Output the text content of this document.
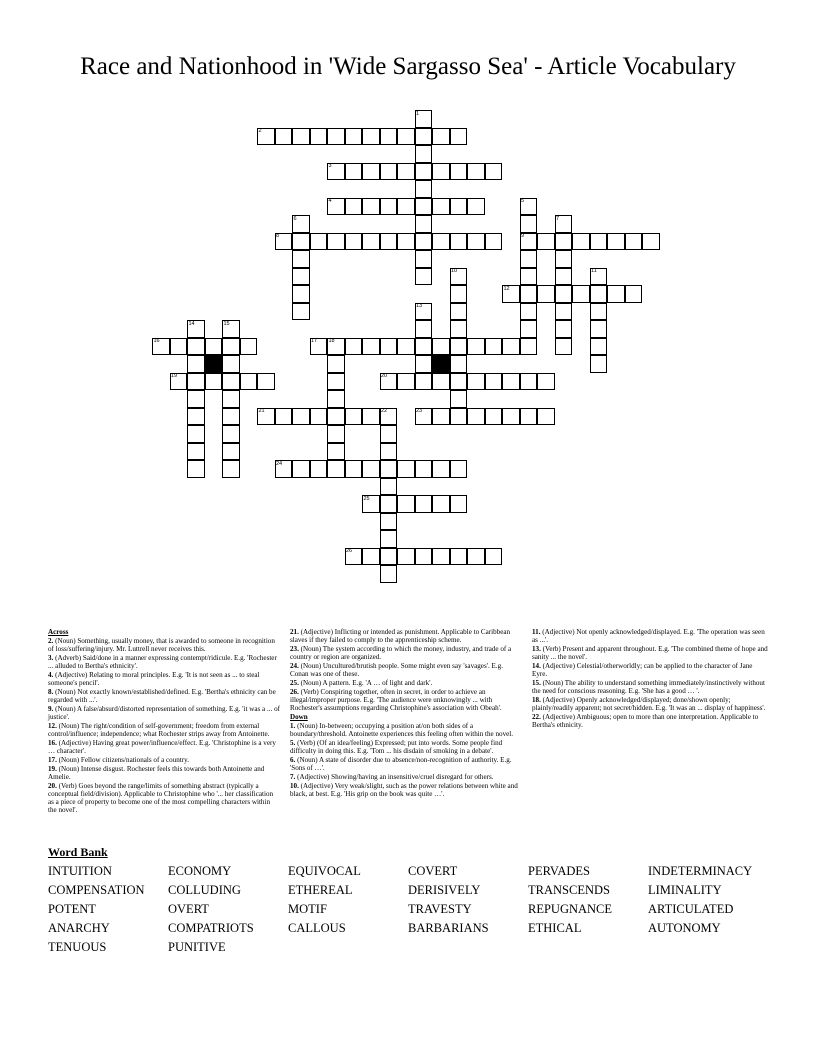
Race and Nationhood in 'Wide Sargasso Sea' - Article Vocabulary
1
2
3
4	5
6	7
8	9
10	11
12
13
14	15
16	17 18
19	20
21	22	23
24
25
26

Across

2. (Noun) Something, usually money, that is awarded to someone in recognition of loss/suffering/injury. Mr. Luttrell never receives this.

3. (Adverb) Said/done in a manner expressing contempt/ridicule. E.g. 'Rochester ... alluded to Bertha's ethnicity'.

4. (Adjective) Relating to moral principles. E.g. 'It is not seen as ... to steal someone's pencil'.

8. (Noun) Not exactly known/established/defined. E.g. 'Bertha's ethnicity can be regarded with ...'.

9. (Noun) A false/absurd/distorted representation of something. E.g. 'it was a ... of justice'.

12. (Noun) The right/condition of self-government; freedom from external control/influence; independence; what Rochester strips away from Antoinette.

16. (Adjective) Having great power/influence/effect. E.g. 'Christophine is a very … character'.

17. (Noun) Fellow citizens/nationals of a country.

19. (Noun) Intense disgust. Rochester feels this towards both Antoinette and Amelie.

20. (Verb) Goes beyond the range/limits of something abstract (typically a conceptual field/division). Applicable to Christophine who '... her classification as a piece of property to become one of the most compelling characters within the novel'.

21. (Adjective) Inflicting or intended as punishment. Applicable to Caribbean slaves if they failed to comply to the apprenticeship scheme.

23. (Noun) The system according to which the money, industry, and trade of a country or region are organized.

24. (Noun) Uncultured/brutish people. Some might even say 'savages'. E.g. Conan was one of these.

25. (Noun) A pattern. E.g. 'A … of light and dark'.

26. (Verb) Conspiring together, often in secret, in order to achieve an illegal/improper purpose. E.g. 'The audience were unknowingly ... with Rochester's assumptions regarding Christophine's association with Obeah'.

Down

1. (Noun) In-between; occupying a position at/on both sides of a boundary/threshold. Antoinette experiences this feeling often within the novel.

5. (Verb) (Of an idea/feeling) Expressed; put into words. Some people find difficulty in doing this. E.g. 'Tom ... his disdain of smoking in a debate'.

6. (Noun) A state of disorder due to absence/non-recognition of authority. E.g. 'Sons of …'.

7. (Adjective) Showing/having an insensitive/cruel disregard for others.

10. (Adjective) Very weak/slight, such as the power relations between white and black, at best. E.g. 'His grip on the book was quite …'.

11. (Adjective) Not openly acknowledged/displayed. E.g. 'The operation was seen as ...'.

13. (Verb) Present and apparent throughout. E.g. 'The combined theme of hope and sanity ... the novel'.

14. (Adjective) Celestial/otherworldly; can be applied to the character of Jane Eyre.

15. (Noun) The ability to understand something immediately/instinctively without the need for conscious reasoning. E.g. 'She has a good … '.

18. (Adjective) Openly acknowledged/displayed; done/shown openly; plainly/readily apparent; not secret/hidden. E.g. 'It was an ... display of happiness'.

22. (Adjective) Ambiguous; open to more than one interpretation. Applicable to Bertha's ethnicity.

Word Bank
INTUITION	ECONOMY	EQUIVOCAL	COVERT	PERVADES	INDETERMINACY
COMPENSATION COLLUDING	ETHEREAL	DERISIVELY	TRANSCENDS	LIMINALITY
POTENT	OVERT	MOTIF	TRAVESTY	REPUGNANCE	ARTICULATED
ANARCHY	COMPATRIOTS	CALLOUS	BARBARIANS	ETHICAL	AUTONOMY
TENUOUS	PUNITIVE
